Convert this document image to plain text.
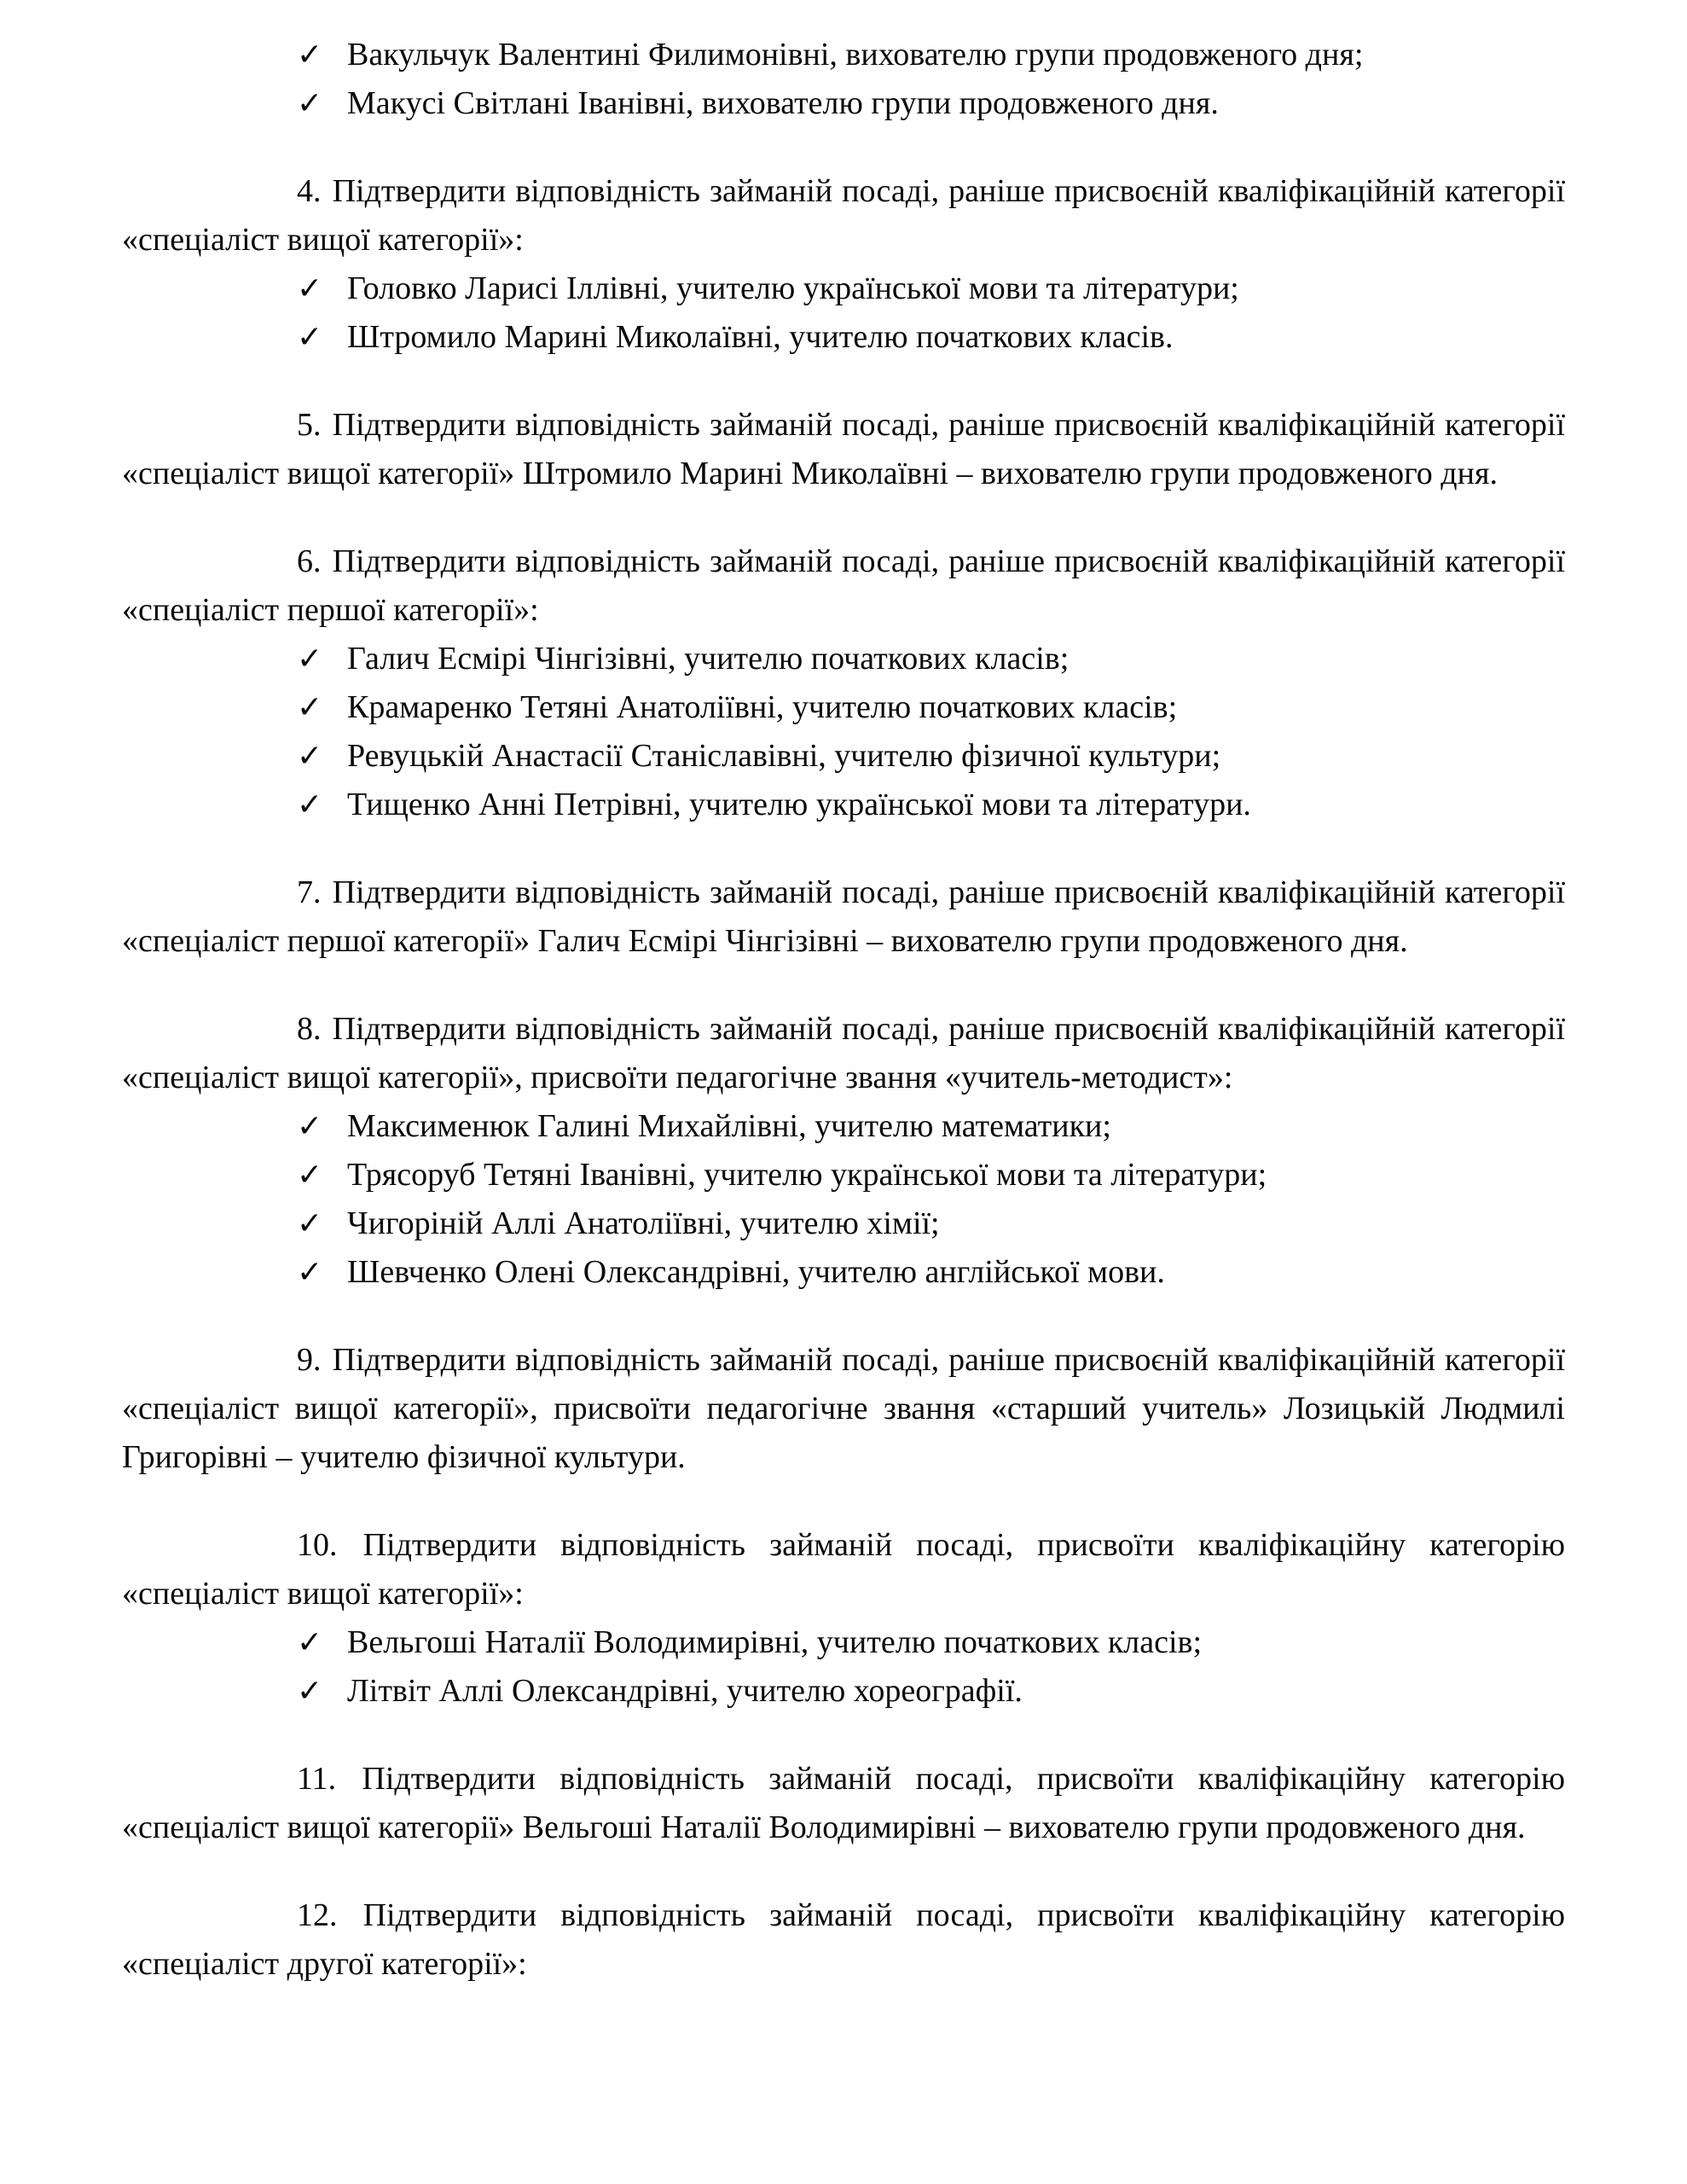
✓ Вакульчук Валентині Филимонівні, вихователю групи продовженого дня;
✓ Макусі Світлані Іванівні, вихователю групи продовженого дня.

4. Підтвердити відповідність займаній посаді, раніше присвоєній кваліфікаційній категорії «спеціаліст вищої категорії»:

✓ Головко Ларисі Іллівні, учителю української мови та літератури;
✓ Штромило Марині Миколаївні, учителю початкових класів.

5. Підтвердити відповідність займаній посаді, раніше присвоєній кваліфікаційній категорії «спеціаліст вищої категорії» Штромило Марині Миколаївні – вихователю групи продовженого дня.

6. Підтвердити відповідність займаній посаді, раніше присвоєній кваліфікаційній категорії «спеціаліст першої категорії»:

✓ Галич Есмірі Чінгізівні, учителю початкових класів;
✓ Крамаренко Тетяні Анатоліївні, учителю початкових класів;
✓ Ревуцькій Анастасії Станіславівні, учителю фізичної культури;
✓ Тищенко Анні Петрівні, учителю української мови та літератури.

7. Підтвердити відповідність займаній посаді, раніше присвоєній кваліфікаційній категорії «спеціаліст першої категорії» Галич Есмірі Чінгізівні – вихователю групи продовженого дня.

8. Підтвердити відповідність займаній посаді, раніше присвоєній кваліфікаційній категорії «спеціаліст вищої категорії», присвоїти педагогічне звання «учитель-методист»:

✓ Максименюк Галині Михайлівні, учителю математики;
✓ Трясоруб Тетяні Іванівні, учителю української мови та літератури;
✓ Чигоріній Аллі Анатоліївні, учителю хімії;
✓ Шевченко Олені Олександрівні, учителю англійської мови.

9. Підтвердити відповідність займаній посаді, раніше присвоєній кваліфікаційній категорії «спеціаліст вищої категорії», присвоїти педагогічне звання «старший учитель» Лозицькій Людмилі Григорівні – учителю фізичної культури.

10. Підтвердити відповідність займаній посаді, присвоїти кваліфікаційну категорію «спеціаліст вищої категорії»:

✓ Вельгоші Наталії Володимирівні, учителю початкових класів;
✓ Літвіт Аллі Олександрівні, учителю хореографії.

11. Підтвердити відповідність займаній посаді, присвоїти кваліфікаційну категорію «спеціаліст вищої категорії» Вельгоші Наталії Володимирівні – вихователю групи продовженого дня.

12. Підтвердити відповідність займаній посаді, присвоїти кваліфікаційну категорію «спеціаліст другої категорії»:
